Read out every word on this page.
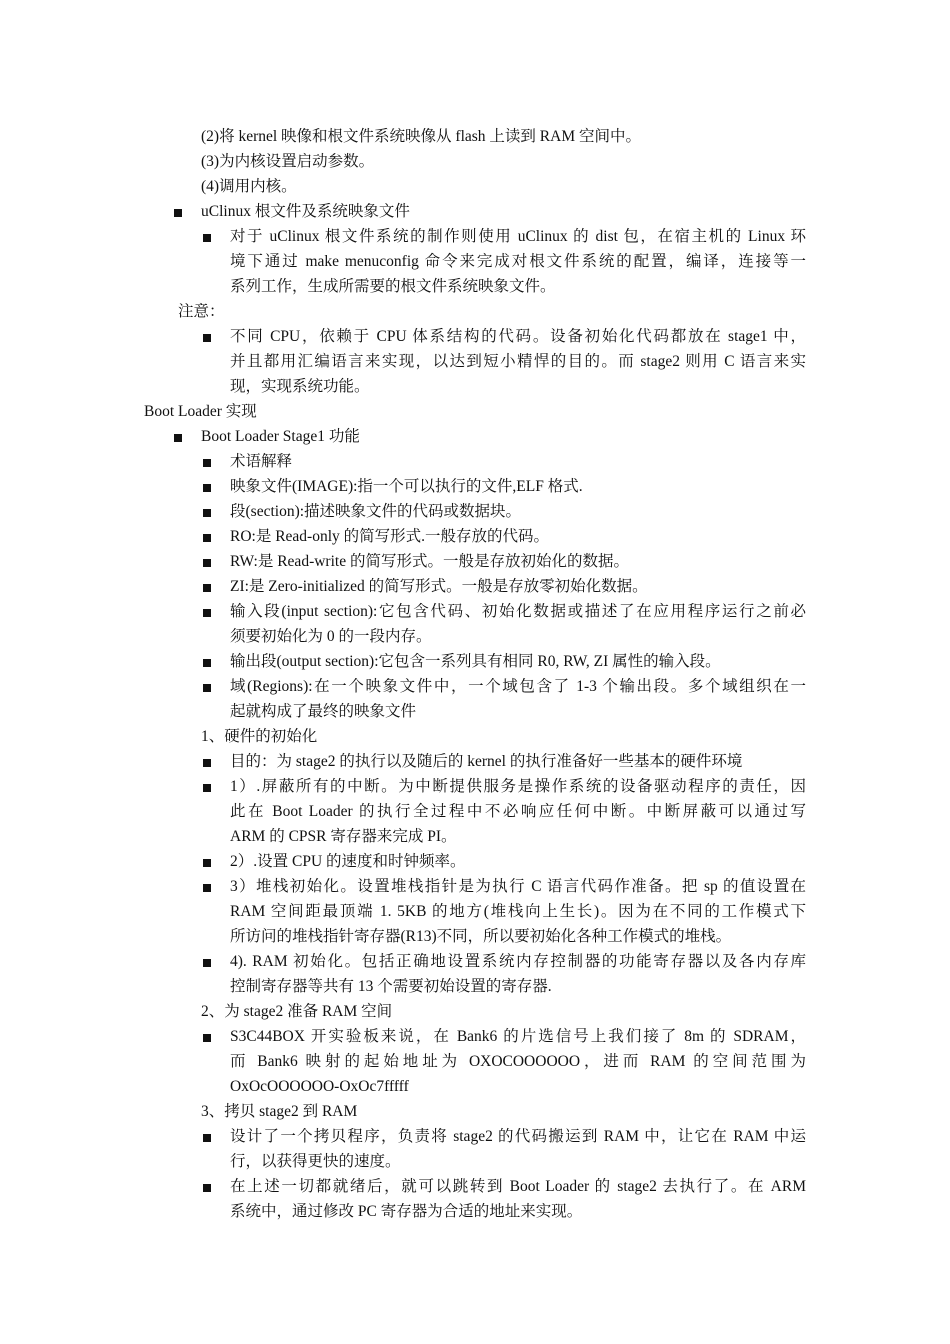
(2)将 kernel 映像和根文件系统映像从 flash 上读到 RAM 空间中。
(3)为内核设置启动参数。
(4)调用内核。
uClinux 根文件及系统映象文件
对于 uClinux 根文件系统的制作则使用 uClinux 的 dist 包，在宿主机的 Linux 环
境下通过 make menuconfig 命令来完成对根文件系统的配置，编译，连接等一
系列工作，生成所需要的根文件系统映象文件。
注意：
不同 CPU，依赖于 CPU 体系结构的代码。设备初始化代码都放在 stage1 中，
并且都用汇编语言来实现，以达到短小精悍的目的。而 stage2 则用 C 语言来实
现，实现系统功能。
Boot Loader 实现
Boot Loader Stage1 功能
术语解释
映象文件(IMAGE):指一个可以执行的文件,ELF 格式.
段(section):描述映象文件的代码或数据块。
RO:是 Read-only 的简写形式.一般存放的代码。
RW:是 Read-write 的简写形式。一般是存放初始化的数据。
ZI:是 Zero-initialized 的简写形式。一般是存放零初始化数据。
输入段(input section):它包含代码、初始化数据或描述了在应用程序运行之前必
须要初始化为 0 的一段内存。
输出段(output section):它包含一系列具有相同 R0, RW, ZI 属性的输入段。
域(Regions):在一个映象文件中，一个域包含了 1-3 个输出段。多个域组织在一
起就构成了最终的映象文件
1、硬件的初始化
目的：为 stage2 的执行以及随后的 kernel 的执行准备好一些基本的硬件环境
1）.屏蔽所有的中断。为中断提供服务是操作系统的设备驱动程序的责任，因
此在 Boot Loader 的执行全过程中不必响应任何中断。中断屏蔽可以通过写
ARM 的 CPSR 寄存器来完成 PI。
2）.设置 CPU 的速度和时钟频率。
3）堆栈初始化。设置堆栈指针是为执行 C 语言代码作准备。把 sp 的值设置在
RAM 空间距最顶端 1. 5KB 的地方(堆栈向上生长)。因为在不同的工作模式下
所访问的堆栈指针寄存器(R13)不同，所以要初始化各种工作模式的堆栈。
4). RAM 初始化。包括正确地设置系统内存控制器的功能寄存器以及各内存库
控制寄存器等共有 13 个需要初始设置的寄存器.
2、为 stage2 准备 RAM 空间
S3C44BOX 开实验板来说，在 Bank6 的片选信号上我们接了 8m 的 SDRAM，
而 Bank6 映射的起始地址为 OXOCOOOOOO，进而 RAM 的空间范围为
OxOcOOOOOO-OxOc7fffff
3、拷贝 stage2 到 RAM
设计了一个拷贝程序，负责将 stage2 的代码搬运到 RAM 中，让它在 RAM 中运
行，以获得更快的速度。
在上述一切都就绪后，就可以跳转到 Boot Loader 的 stage2 去执行了。在 ARM
系统中，通过修改 PC 寄存器为合适的地址来实现。
